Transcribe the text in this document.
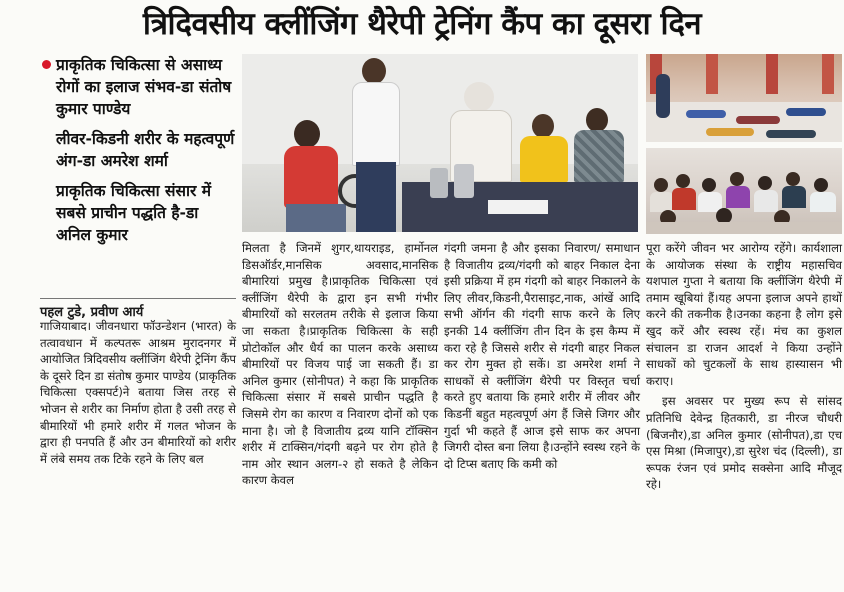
त्रिदिवसीय क्लींजिंग थैरेपी ट्रेनिंग कैंप का दूसरा दिन
प्राकृतिक चिकित्सा से असाध्य रोगों का इलाज संभव-डा संतोष कुमार पाण्डेय
लीवर-किडनी शरीर के महत्वपूर्ण अंग-डा अमरेश शर्मा
प्राकृतिक चिकित्सा संसार में सबसे प्राचीन पद्धति है-डा अनिल कुमार
पहल टुडे, प्रवीण आर्य
गाजियाबाद। जीवनधारा फॉउन्डेशन (भारत) के तत्वावधान में कल्पतरू आश्रम मुरादनगर में आयोजित त्रिदिवसीय क्लींजिंग थैरेपी ट्रेनिंग कैंप के दूसरे दिन डा संतोष कुमार पाण्डेय (प्राकृतिक चिकित्सा एक्सपर्ट)ने बताया जिस तरह से भोजन से शरीर का निर्माण होता है उसी तरह से बीमारियों भी हमारे शरीर में गलत भोजन के द्वारा ही पनपति हैं और उन बीमारियों को शरीर में लंबे समय तक टिके रहने के लिए बल
मिलता है जिनमें शुगर,थायराइड, हार्मोनल डिसऑर्डर,मानसिक अवसाद,मानसिक बीमारियां प्रमुख है।प्राकृतिक चिकित्सा एवं क्लींजिंग थैरेपी के द्वारा इन सभी गंभीर बीमारियों को सरलतम तरीके से इलाज किया जा सकता है।प्राकृतिक चिकित्सा के सही प्रोटोकॉल और धैर्य का पालन करके असाध्य बीमारियों पर विजय पाई जा सकती हैं। डा अनिल कुमार (सोनीपत) ने कहा कि प्राकृतिक चिकित्सा संसार में सबसे प्राचीन पद्धति है जिसमे रोग का कारण व निवारण दोनों को एक माना है। जो है विजातीय द्रव्य यानि टॉक्सिन शरीर में टाक्सिन/गंदगी बढ़ने पर रोग होते है नाम ओर स्थान अलग-२ हो सकते है लेकिन कारण केवल
गंदगी जमना है और इसका निवारण/ समाधान है विजातीय द्रव्य/गंदगी को बाहर निकाल देना इसी प्रक्रिया में हम गंदगी को बाहर निकालने के लिए लीवर,किडनी,पैरासाइट,नाक, आंखें आदि सभी ऑर्गन की गंदगी साफ करने के लिए इनकी 14 क्लींजिंग तीन दिन के इस कैम्प में करा रहे है जिससे शरीर से गंदगी बाहर निकल कर रोग मुक्त हो सकें। डा अमरेश शर्मा ने साधकों से क्लींजिंग थैरेपी पर विस्तृत चर्चा करते हुए बताया कि हमारे शरीर में लीवर और किडनीं बहुत महत्वपूर्ण अंग हैं जिसे जिगर और गुर्दा भी कहते हैं आज इसे साफ कर अपना जिगरी दोस्त बना लिया है।उन्होंने स्वस्थ रहने के दो टिप्स बताए कि कमी को
पूरा करेंगे जीवन भर आरोग्य रहेंगे। कार्यशाला के आयोजक संस्था के राष्ट्रीय महासचिव यशपाल गुप्ता ने बताया कि क्लींजिंग थैरेपी में तमाम खूबियां हैं।यह अपना इलाज अपने हाथों करने की तकनीक है।उनका कहना है लोग इसे खुद करें और स्वस्थ रहें। मंच का कुशल संचालन डा राजन आदर्श ने किया उन्होंने साधकों को चुटकलों के साथ हास्यासन भी कराए।
इस अवसर पर मुख्य रूप से सांसद प्रतिनिधि देवेन्द्र हितकारी, डा नीरज चौधरी (बिजनौर),डा अनिल कुमार (सोनीपत),डा एच एस मिश्रा (मिजापुर),डा सुरेश चंद (दिल्ली), डा रूपक रंजन एवं प्रमोद सक्सेना आदि मौजूद रहे।
